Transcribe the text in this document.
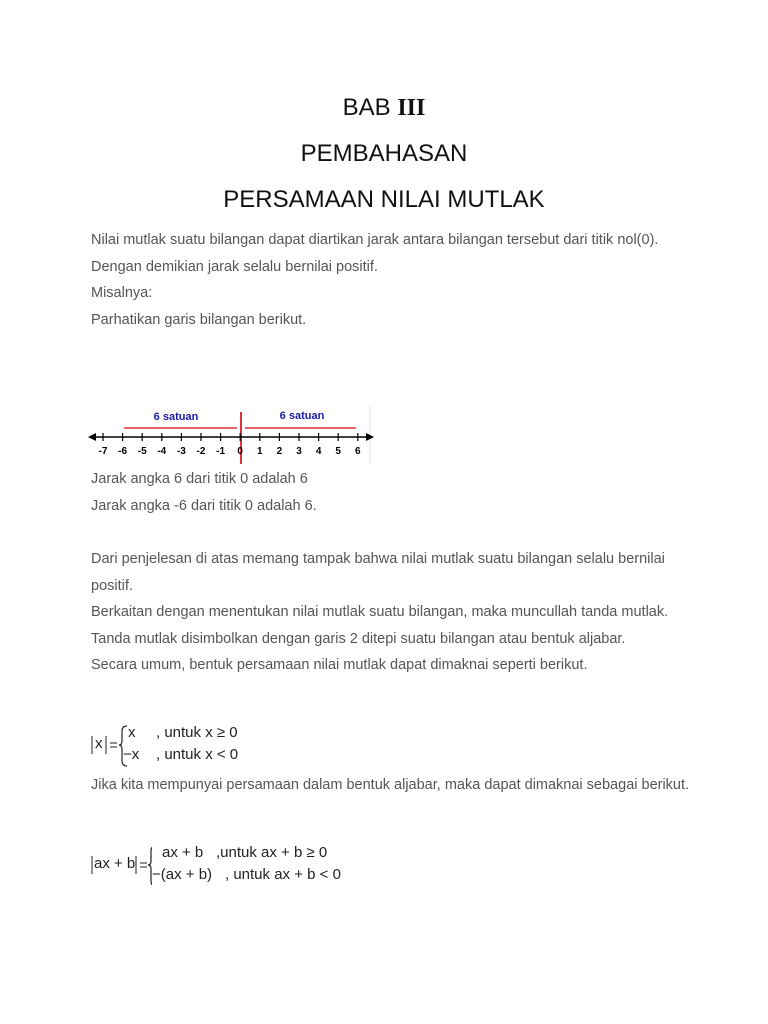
BAB III
PEMBAHASAN
PERSAMAAN NILAI MUTLAK

Nilai mutlak suatu bilangan dapat diartikan jarak antara bilangan tersebut dari titik nol(0). Dengan demikian jarak selalu bernilai positif.

Misalnya:

Parhatikan garis bilangan berikut.

6 satuan	6 satuan
-7 -6 -5 -4 -3 -2 -1 0 1 2 3 4 5 6

Jarak angka 6 dari titik 0 adalah 6

Jarak angka -6 dari titik 0 adalah 6.

Dari penjelesan di atas memang tampak bahwa nilai mutlak suatu bilangan selalu bernilai positif.

Berkaitan dengan menentukan nilai mutlak suatu bilangan, maka muncullah tanda mutlak. Tanda mutlak disimbolkan dengan garis 2 ditepi suatu bilangan atau bentuk aljabar.

Secara umum, bentuk persamaan nilai mutlak dapat dimaknai seperti berikut.

x
x , untuk x ≥ 0
−x , untuk x < 0

Jika kita mempunyai persamaan dalam bentuk aljabar, maka dapat dimaknai sebagai berikut.

ax + b
ax + b ,untuk ax + b ≥ 0
−(ax + b) , untuk ax + b < 0
